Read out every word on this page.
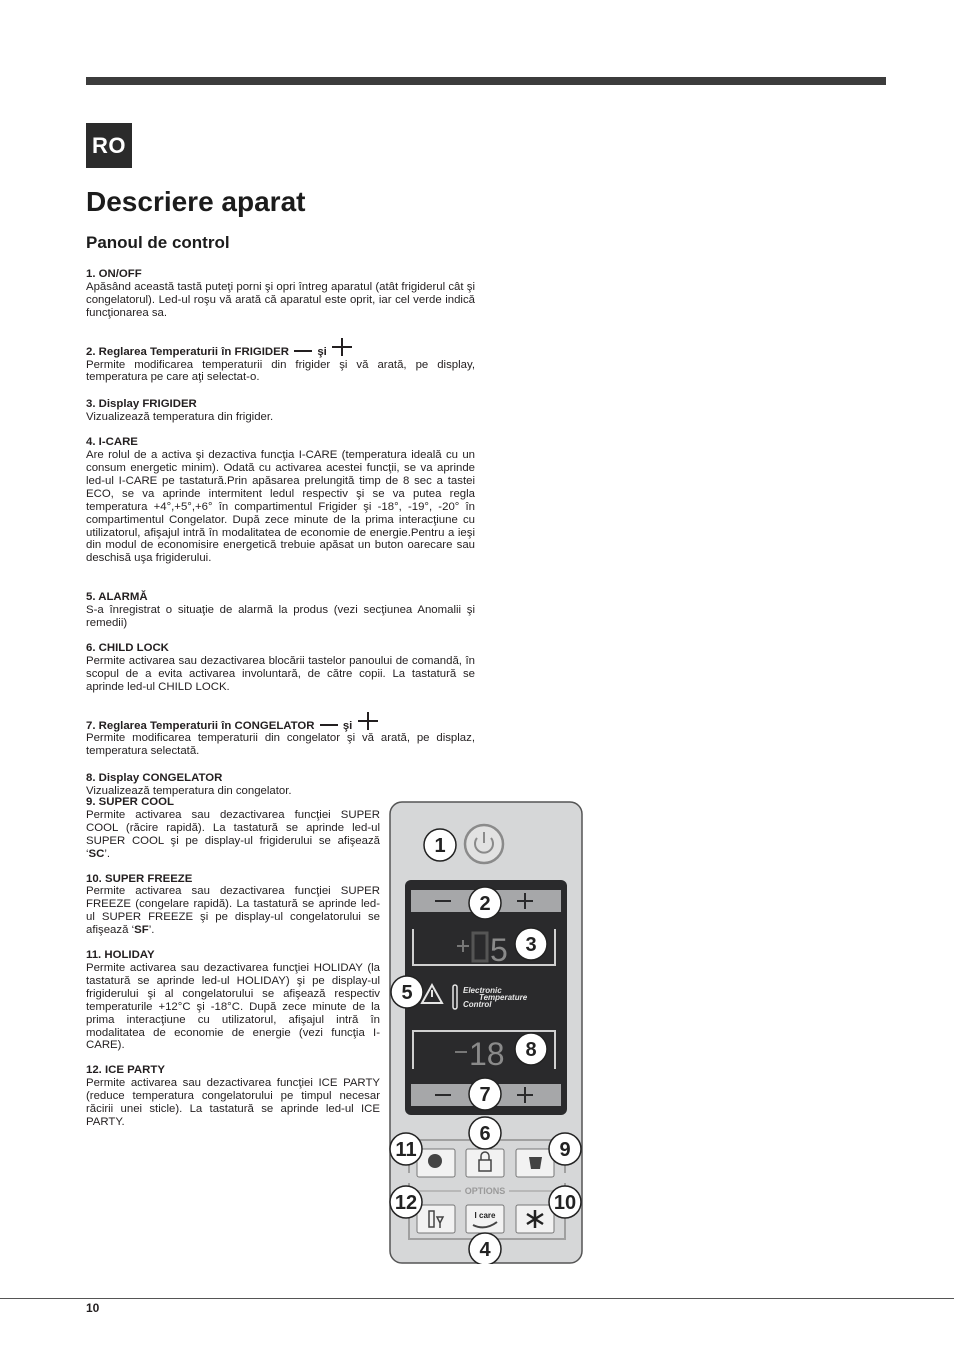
RO
Descriere aparat
Panoul de control
1. ON/OFF
Apăsând această tastă puteţi porni şi opri întreg aparatul (atât frigiderul cât şi congelatorul). Led-ul roşu vă arată că aparatul este oprit, iar cel verde indică funcţionarea sa.
2. Reglarea Temperaturii în FRIGIDER şi
Permite modificarea temperaturii din frigider şi vă arată, pe display, temperatura pe care aţi selectat-o.
3. Display FRIGIDER
Vizualizează temperatura din frigider.
4. I-CARE
Are rolul de a activa şi dezactiva funcţia I-CARE (temperatura ideală cu un consum energetic minim). Odată cu activarea acestei funcţii, se va aprinde led-ul I-CARE pe tastatură.Prin apăsarea prelungită timp de 8 sec a tastei ECO, se va aprinde intermitent ledul respectiv şi se va putea regla temperatura +4°,+5°,+6° în compartimentul Frigider şi -18°, -19°, -20° în compartimentul Congelator. După zece minute de la prima interacţiune cu utilizatorul, afişajul intră în modalitatea de economie de energie.Pentru a ieşi din modul de economisire energetică trebuie apăsat un buton oarecare sau deschisă uşa frigiderului.
5. ALARMĂ
S-a înregistrat o situaţie de alarmă la produs (vezi secţiunea Anomalii şi remedii)
6. CHILD LOCK
Permite activarea sau dezactivarea blocării tastelor panoului de comandă, în scopul de a evita activarea involuntară, de către copii. La tastatură se aprinde led-ul CHILD LOCK.
7. Reglarea Temperaturii în CONGELATOR şi
Permite modificarea temperaturii din congelator şi vă arată, pe displaz, temperatura selectată.
8. Display CONGELATOR
Vizualizează temperatura din congelator.
9. SUPER COOL
Permite activarea sau dezactivarea funcţiei SUPER COOL (răcire rapidă). La tastatură se aprinde led-ul SUPER COOL şi pe display-ul frigiderului se afişează ‘SC’.
10. SUPER FREEZE
Permite activarea sau dezactivarea funcţiei SUPER FREEZE (congelare rapidă). La tastatură se aprinde led-ul SUPER FREEZE şi pe display-ul congelatorului se afişează ‘SF’.
11. HOLIDAY
Permite activarea sau dezactivarea funcţiei HOLIDAY (la tastatură se aprinde led-ul HOLIDAY) şi pe display-ul frigiderului şi al congelatorului se afişează respectiv temperaturile +12°C şi -18°C. După zece minute de la prima interacţiune cu utilizatorul, afişajul intră în modalitatea de economie de energie (vezi funcţia I-CARE).
12. ICE PARTY
Permite activarea sau dezactivarea funcţiei ICE PARTY (reduce temperatura congelatorului pe timpul necesar răcirii unei sticle). La tastatură se aprinde led-ul ICE PARTY.
5
Electronic
Temperature
Control
18
OPTIONS
I care
1
2
3
5
8
7
6
11	9
12	10
4
10
